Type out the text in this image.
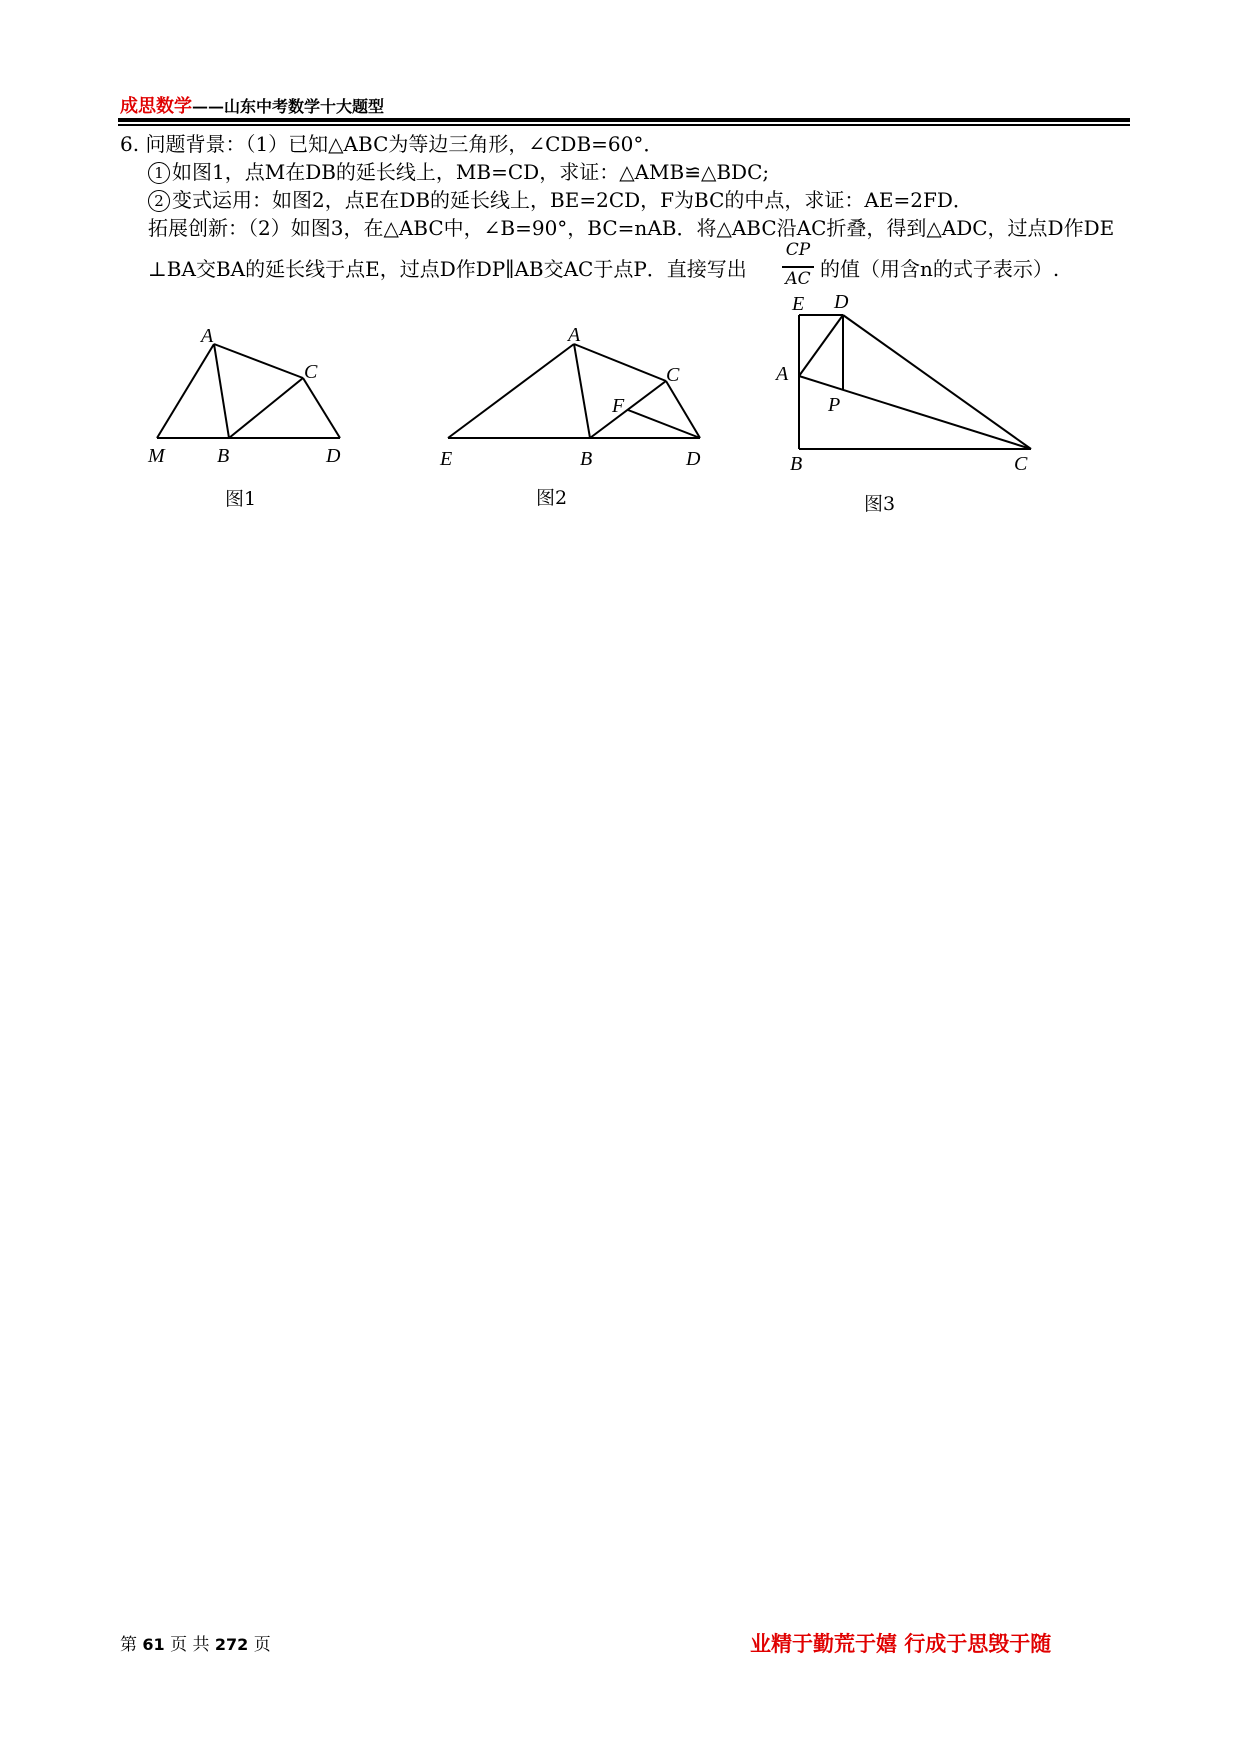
成思数学——山东中考数学十大题型
6. 问题背景：（1）已知△ABC为等边三角形，∠CDB=60°．
1 如图1，点M在DB的延长线上，MB=CD，求证：△AMB≌△BDC;
2 变式运用：如图2，点E在DB的延长线上，BE=2CD，F为BC的中点，求证：AE=2FD．
拓展创新：（2）如图3，在△ABC中，∠B=90°，BC=nAB．将△ABC沿AC折叠，得到△ADC，过点D作DE
⊥BA交BA的延长线于点E，过点D作DP∥AB交AC于点P．直接写出
CP
AC 的值（用含n的式子表示）.
A
C
M	B	D
图1
A
C
F
E	B	D
图2
E D
A
P
B	C
图3
第 61 页 共 272 页	业精于勤荒于嬉 行成于思毁于随
